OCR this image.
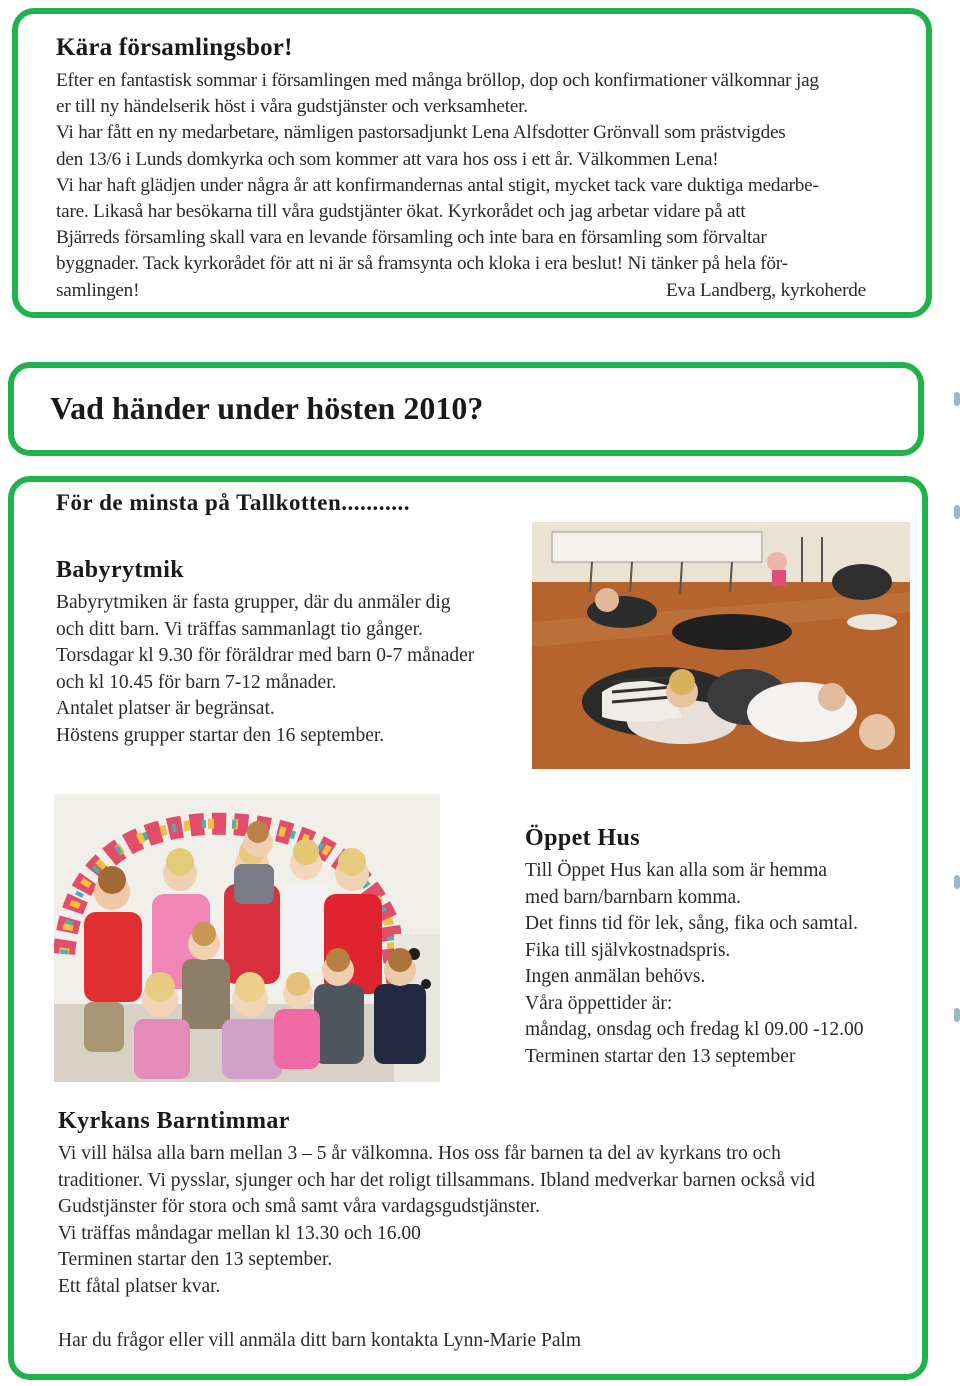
Kära församlingsbor!

Efter en fantastisk sommar i församlingen med många bröllop, dop och konfirmationer välkomnar jag
er till ny händelserik höst i våra gudstjänster och verksamheter.
Vi har fått en ny medarbetare, nämligen pastorsadjunkt Lena Alfsdotter Grönvall som prästvigdes
den 13/6 i Lunds domkyrka och som kommer att vara hos oss i ett år. Välkommen Lena!
Vi har haft glädjen under några år att konfirmandernas antal stigit, mycket tack vare duktiga medarbe-
tare. Likaså har besökarna till våra gudstjänter ökat. Kyrkorådet och jag arbetar vidare på att
Bjärreds församling skall vara en levande församling och inte bara en församling som förvaltar
byggnader. Tack kyrkorådet för att ni är så framsynta och kloka i era beslut! Ni tänker på hela för-
samlingen!	Eva Landberg, kyrkoherde

Vad händer under hösten 2010?
För de minsta på Tallkotten...........
Babyrytmik
Babyrytmiken är fasta grupper, där du anmäler dig
och ditt barn. Vi träffas sammanlagt tio gånger.
Torsdagar kl 9.30 för föräldrar med barn 0-7 månader
och kl 10.45 för barn 7-12 månader.
Antalet platser är begränsat.
Höstens grupper startar den 16 september.
Öppet Hus
Till Öppet Hus kan alla som är hemma
med barn/barnbarn komma.
Det finns tid för lek, sång, fika och samtal.
Fika till självkostnadspris.
Ingen anmälan behövs.
Våra öppettider är:
måndag, onsdag och fredag kl 09.00 -12.00
Terminen startar den 13 september
Kyrkans Barntimmar
Vi vill hälsa alla barn mellan 3 – 5 år välkomna. Hos oss får barnen ta del av kyrkans tro och
traditioner. Vi pysslar, sjunger och har det roligt tillsammans. Ibland medverkar barnen också vid
Gudstjänster för stora och små samt våra vardagsgudstjänster.
Vi träffas måndagar mellan kl 13.30 och 16.00
Terminen startar den 13 september.
Ett fåtal platser kvar.
Har du frågor eller vill anmäla ditt barn kontakta Lynn-Marie Palm
